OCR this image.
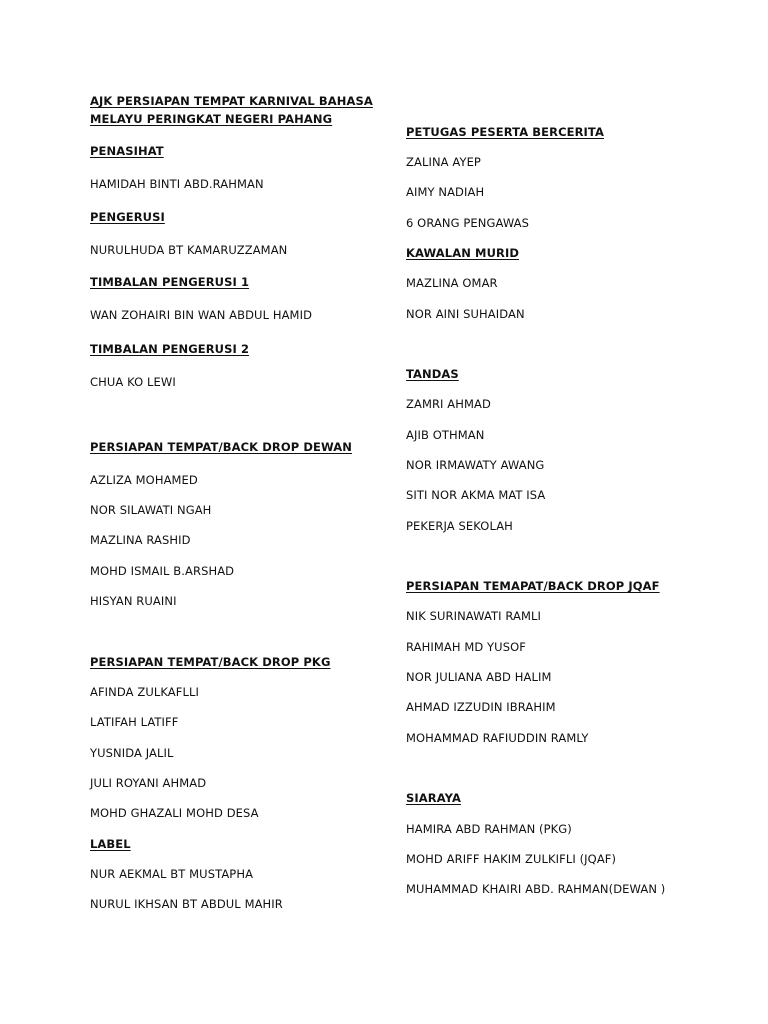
AJK PERSIAPAN TEMPAT KARNIVAL BAHASA
MELAYU PERINGKAT NEGERI PAHANG
PENASIHAT
HAMIDAH BINTI ABD.RAHMAN
PENGERUSI
NURULHUDA BT KAMARUZZAMAN
TIMBALAN PENGERUSI 1
WAN ZOHAIRI BIN WAN ABDUL HAMID
TIMBALAN PENGERUSI 2
CHUA KO LEWI
PERSIAPAN TEMPAT/BACK DROP DEWAN
AZLIZA MOHAMED
NOR SILAWATI NGAH
MAZLINA RASHID
MOHD ISMAIL B.ARSHAD
HISYAN RUAINI
PERSIAPAN TEMPAT/BACK DROP PKG
AFINDA ZULKAFLLI
LATIFAH LATIFF
YUSNIDA JALIL
JULI ROYANI AHMAD
MOHD GHAZALI MOHD DESA
LABEL
NUR AEKMAL BT MUSTAPHA
NURUL IKHSAN BT ABDUL MAHIR
PETUGAS PESERTA BERCERITA
ZALINA AYEP
AIMY NADIAH
6 ORANG PENGAWAS
KAWALAN MURID
MAZLINA OMAR
NOR AINI SUHAIDAN
TANDAS
ZAMRI AHMAD
AJIB OTHMAN
NOR IRMAWATY AWANG
SITI NOR AKMA MAT ISA
PEKERJA SEKOLAH
PERSIAPAN TEMAPAT/BACK DROP JQAF
NIK SURINAWATI RAMLI
RAHIMAH MD YUSOF
NOR JULIANA ABD HALIM
AHMAD IZZUDIN IBRAHIM
MOHAMMAD RAFIUDDIN RAMLY
SIARAYA
HAMIRA ABD RAHMAN (PKG)
MOHD ARIFF HAKIM ZULKIFLI (JQAF)
MUHAMMAD KHAIRI ABD. RAHMAN(DEWAN )
